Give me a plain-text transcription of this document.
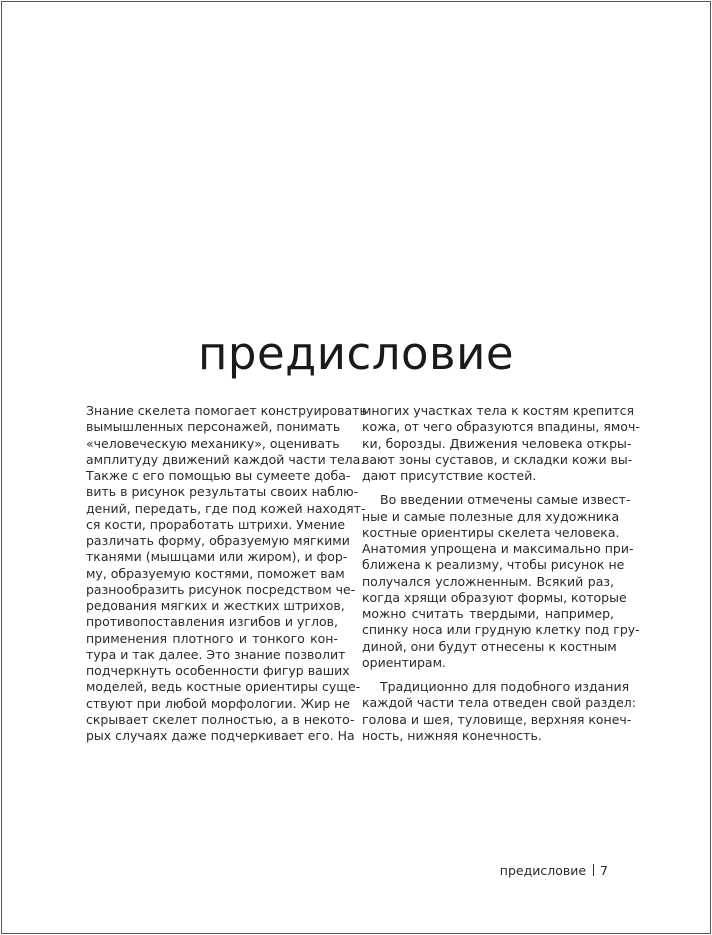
предисловие

Знание скелета помогает конструировать
вымышленных персонажей, понимать
«человеческую механику», оценивать
амплитуду движений каждой части тела.
Также с его помощью вы сумеете доба-
вить в рисунок результаты своих наблю-
дений, передать, где под кожей находят-
ся кости, проработать штрихи. Умение
различать форму, образуемую мягкими
тканями (мышцами или жиром), и фор-
му, образуемую костями, поможет вам
разнообразить рисунок посредством че-
редования мягких и жестких штрихов,
противопоставления изгибов и углов,
применения плотного и тонкого кон-
тура и так далее. Это знание позволит
подчеркнуть особенности фигур ваших
моделей, ведь костные ориентиры суще-
ствуют при любой морфологии. Жир не
скрывает скелет полностью, а в некото-
рых случаях даже подчеркивает его. На

многих участках тела к костям крепится
кожа, от чего образуются впадины, ямоч-
ки, борозды. Движения человека откры-
вают зоны суставов, и складки кожи вы-
дают присутствие костей.

Во введении отмечены самые извест-
ные и самые полезные для художника
костные ориентиры скелета человека.
Анатомия упрощена и максимально при-
ближена к реализму, чтобы рисунок не
получался усложненным. Всякий раз,
когда хрящи образуют формы, которые
можно считать твердыми, например,
спинку носа или грудную клетку под гру-
диной, они будут отнесены к костным
ориентирам.

Традиционно для подобного издания
каждой части тела отведен свой раздел:
голова и шея, туловище, верхняя конеч-
ность, нижняя конечность.

предисловие 7
